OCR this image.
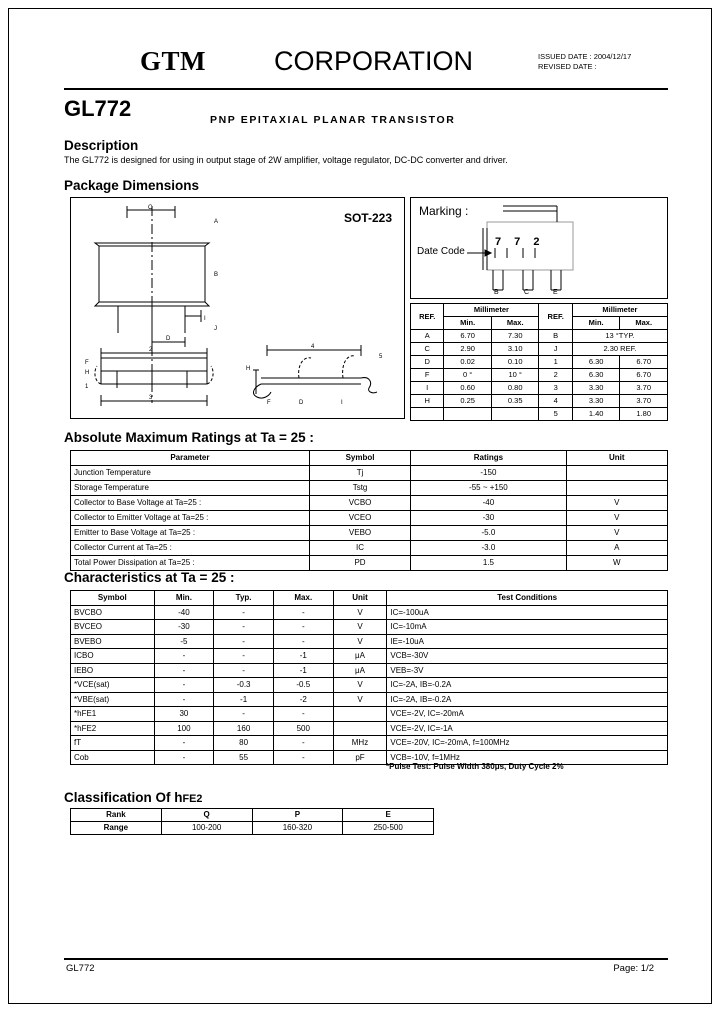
GTM	CORPORATION	ISSUED DATE : 2004/12/17
REVISED DATE :
GL772	PNP EPITAXIAL PLANAR TRANSISTOR
Description
The GL772 is designed for using in output stage of 2W amplifier, voltage regulator, DC-DC converter and driver.
Package Dimensions
SOT-223
C
I
D
A
B
J
F
H
1
2
3
4
5
H
D	I
F
Marking :
Date Code
7 7 2
B	C	E
REF.	Millimeter		REF.	Millimeter	
	Min.	Max.		Min.	Max.
A	6.70	7.30	B	13 °TYP.	
C	2.90	3.10	J	2.30 REF.	
D	0.02	0.10	1	6.30	6.70
F	0 °	10 °	2	6.30	6.70
I	0.60	0.80	3	3.30	3.70
H	0.25	0.35	4	3.30	3.70
			5	1.40	1.80
Absolute Maximum Ratings at Ta = 25 :
Parameter	Symbol	Ratings	Unit
Junction Temperature	Tj	-150	
Storage Temperature	Tstg	-55 ~ +150	
Collector to Base Voltage at Ta=25 :	VCBO	-40	V
Collector to Emitter Voltage at Ta=25 :	VCEO	-30	V
Emitter to Base Voltage at Ta=25 :	VEBO	-5.0	V
Collector Current at Ta=25 :	IC	-3.0	A
Total Power Dissipation at Ta=25 :	PD	1.5	W
Characteristics at Ta = 25 :
Symbol	Min.	Typ.	Max.	Unit	Test Conditions
BVCBO	-40	-	-	V	IC=-100uA
BVCEO	-30	-	-	V	IC=-10mA
BVEBO	-5	-	-	V	IE=-10uA
ICBO	-	-	-1	μA	VCB=-30V
IEBO	-	-	-1	μA	VEB=-3V
*VCE(sat)	-	-0.3	-0.5	V	IC=-2A, IB=-0.2A
*VBE(sat)	-	-1	-2	V	IC=-2A, IB=-0.2A
*hFE1	30	-	-		VCE=-2V, IC=-20mA
*hFE2	100	160	500		VCE=-2V, IC=-1A
fT	-	80	-	MHz	VCE=-20V, IC=-20mA, f=100MHz
Cob	-	55	-	pF	VCB=-10V, f=1MHz
*Pulse Test: Pulse Width 380μs, Duty Cycle 2%
Classification Of hFE2
Rank	Q	P	E
Range	100-200	160-320	250-500
GL772	Page: 1/2
